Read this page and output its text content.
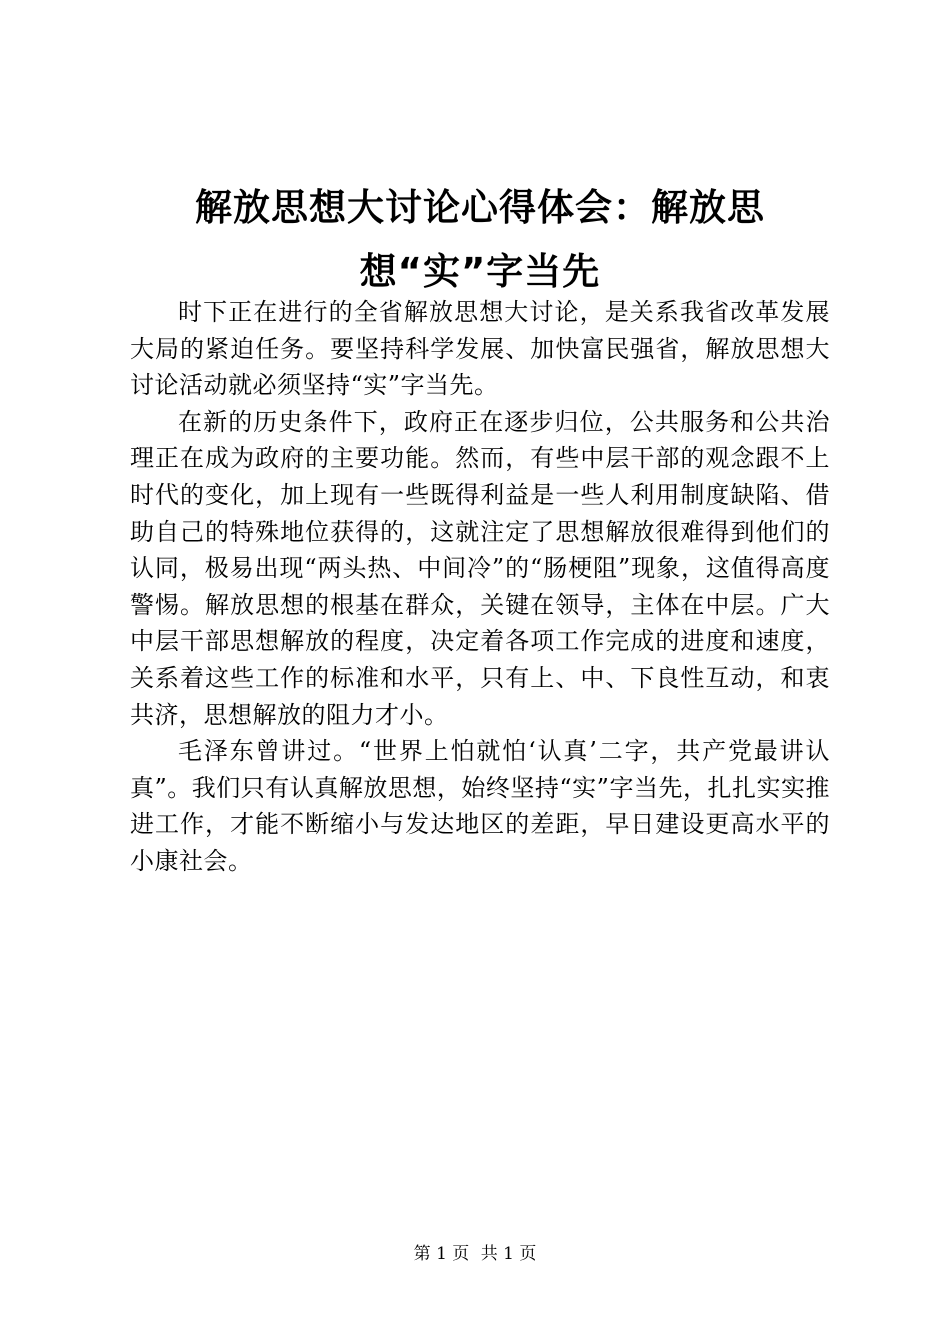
解放思想大讨论心得体会：解放思想“实”字当先

时下正在进行的全省解放思想大讨论，是关系我省改革发展大局的紧迫任务。要坚持科学发展、加快富民强省，解放思想大讨论活动就必须坚持“实”字当先。

在新的历史条件下，政府正在逐步归位，公共服务和公共治理正在成为政府的主要功能。然而，有些中层干部的观念跟不上时代的变化，加上现有一些既得利益是一些人利用制度缺陷、借助自己的特殊地位获得的，这就注定了思想解放很难得到他们的认同，极易出现“两头热、中间冷”的“肠梗阻”现象，这值得高度警惕。解放思想的根基在群众，关键在领导，主体在中层。广大中层干部思想解放的程度，决定着各项工作完成的进度和速度，关系着这些工作的标准和水平，只有上、中、下良性互动，和衷共济，思想解放的阻力才小。

毛泽东曾讲过。“世界上怕就怕‘认真’二字，共产党最讲认真”。我们只有认真解放思想，始终坚持“实”字当先，扎扎实实推进工作，才能不断缩小与发达地区的差距，早日建设更高水平的小康社会。

第 1 页 共 1 页
